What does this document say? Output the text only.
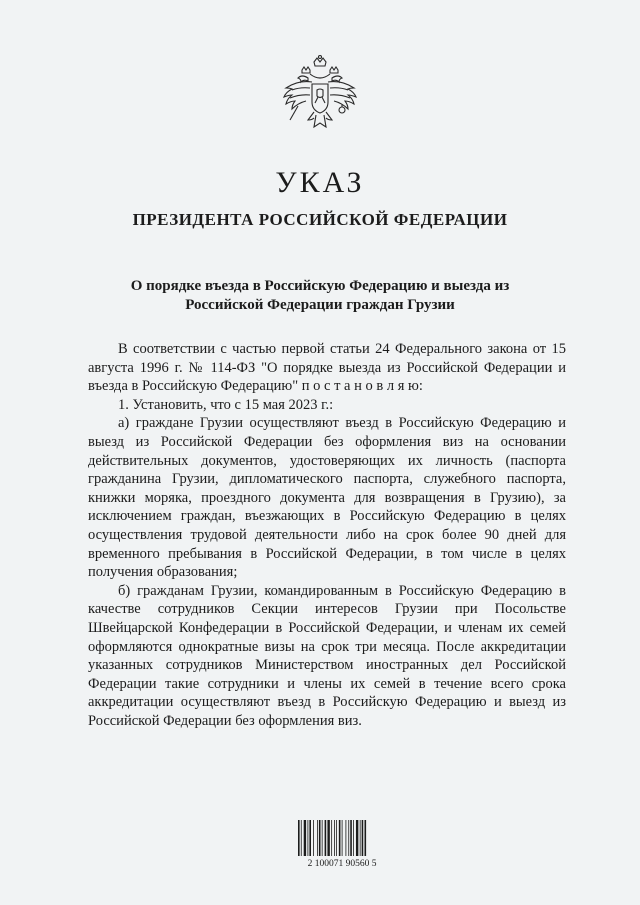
УКАЗ
ПРЕЗИДЕНТА РОССИЙСКОЙ ФЕДЕРАЦИИ
О порядке въезда в Российскую Федерацию и выезда из
Российской Федерации граждан Грузии

В соответствии с частью первой статьи 24 Федерального закона от 15 августа 1996 г. № 114-ФЗ "О порядке выезда из Российской Федерации и въезда в Российскую Федерацию" п о с т а н о в л я ю:

1. Установить, что с 15 мая 2023 г.:

а) граждане Грузии осуществляют въезд в Российскую Федерацию и выезд из Российской Федерации без оформления виз на основании действительных документов, удостоверяющих их личность (паспорта гражданина Грузии, дипломатического паспорта, служебного паспорта, книжки моряка, проездного документа для возвращения в Грузию), за исключением граждан, въезжающих в Российскую Федерацию в целях осуществления трудовой деятельности либо на срок более 90 дней для временного пребывания в Российской Федерации, в том числе в целях получения образования;

б) гражданам Грузии, командированным в Российскую Федерацию в качестве сотрудников Секции интересов Грузии при Посольстве Швейцарской Конфедерации в Российской Федерации, и членам их семей оформляются однократные визы на срок три месяца. После аккредитации указанных сотрудников Министерством иностранных дел Российской Федерации такие сотрудники и члены их семей в течение всего срока аккредитации осуществляют въезд в Российскую Федерацию и выезд из Российской Федерации без оформления виз.

2 100071 90560 5
